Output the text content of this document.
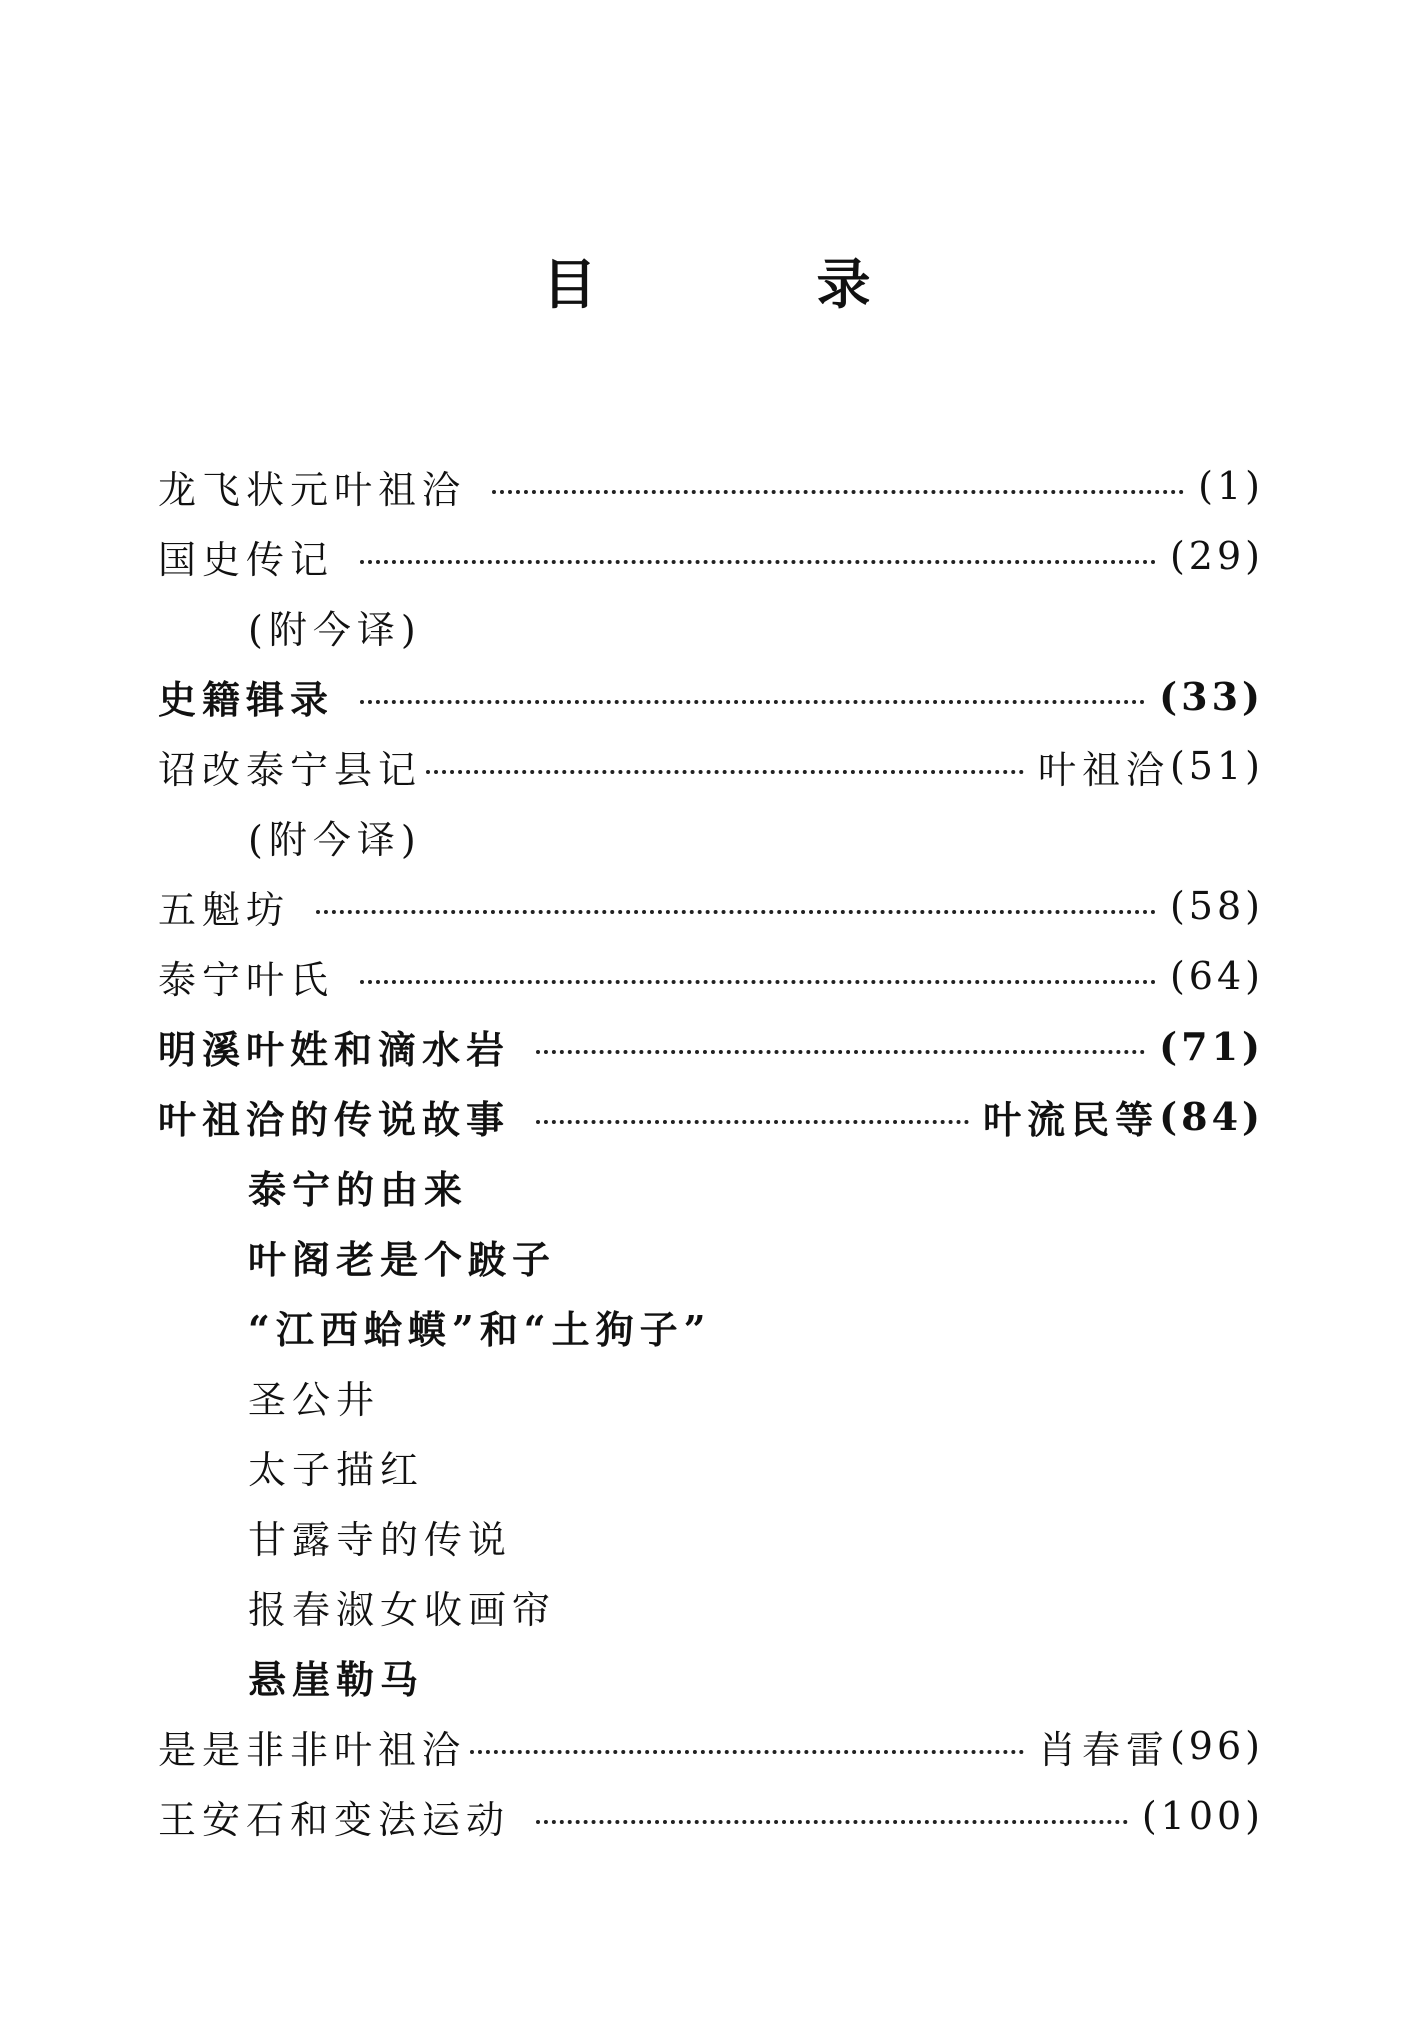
目	录
龙飞状元叶祖洽	(1)
国史传记	(29)
(附今译)
史籍辑录	(33)
诏改泰宁县记	叶祖洽 (51)
(附今译)
五魁坊	(58)
泰宁叶氏	(64)
明溪叶姓和滴水岩	(71)
叶祖洽的传说故事	叶流民等 (84)
泰宁的由来
叶阁老是个跛子
“江西蛤蟆”和“土狗子”
圣公井
太子描红
甘露寺的传说
报春淑女收画帘
悬崖勒马
是是非非叶祖洽	肖春雷 (96)
王安石和变法运动	(100)
